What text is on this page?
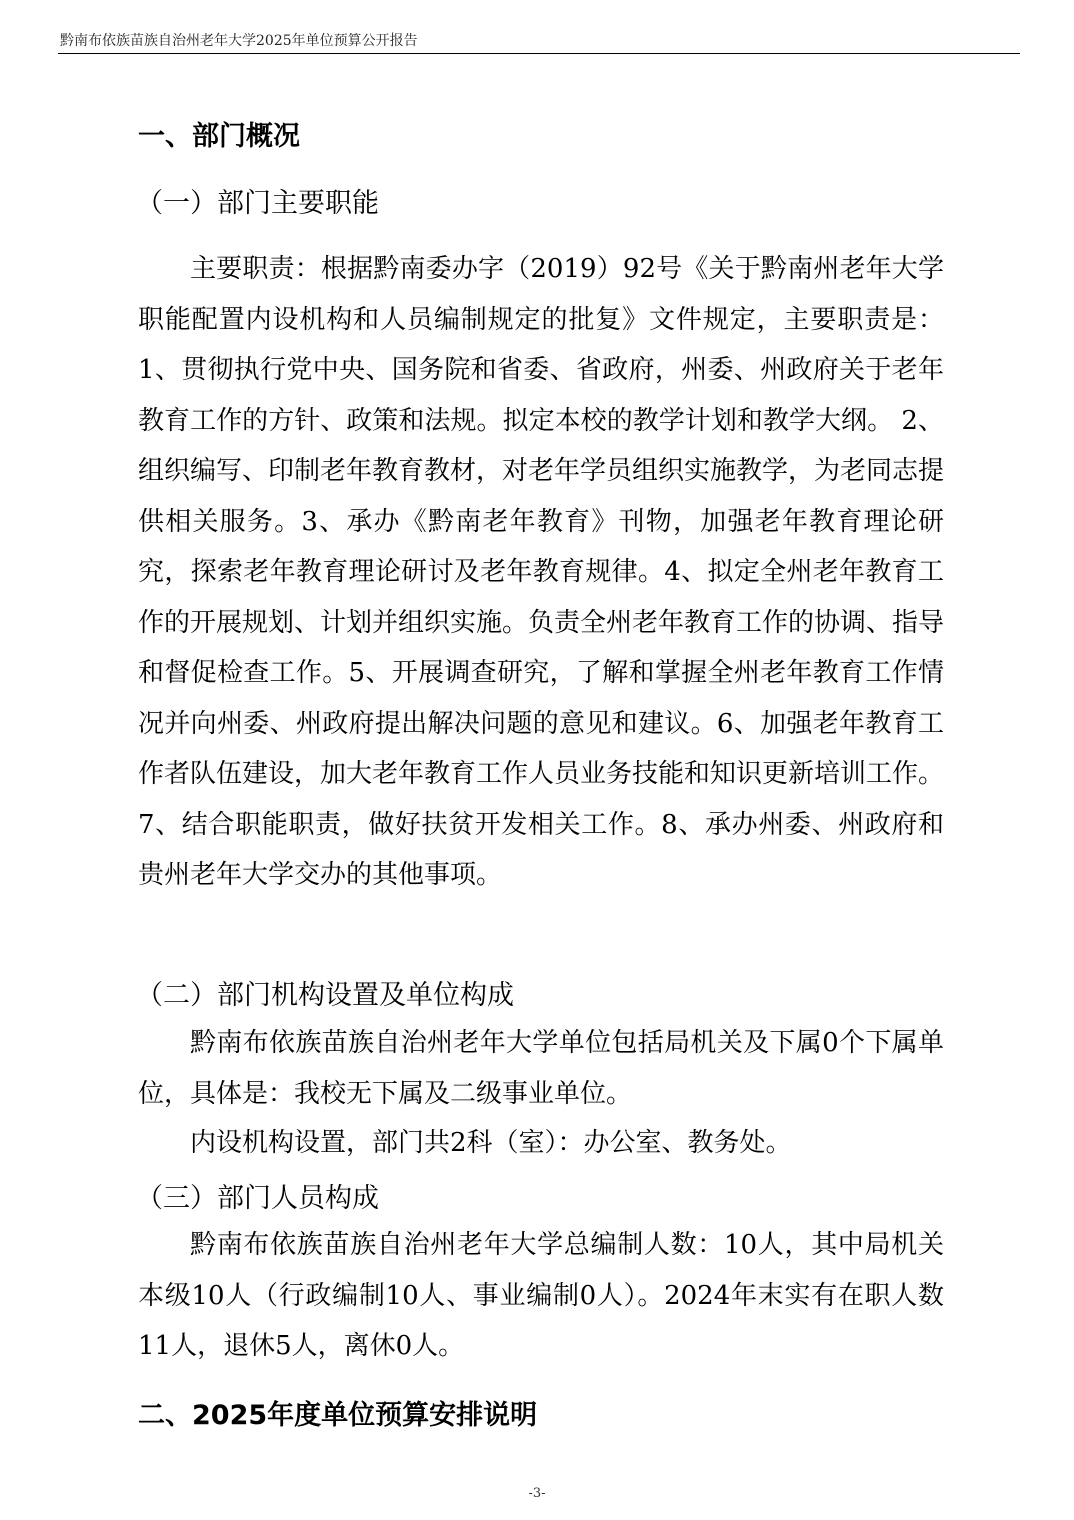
黔南布依族苗族自治州老年大学2025年单位预算公开报告
一、部门概况
（一）部门主要职能

主要职责：根据黔南委办字（2019）92号《关于黔南州老年大学职能配置内设机构和人员编制规定的批复》文件规定，主要职责是：1、贯彻执行党中央、国务院和省委、省政府，州委、州政府关于老年教育工作的方针、政策和法规。拟定本校的教学计划和教学大纲。 2、组织编写、印制老年教育教材，对老年学员组织实施教学，为老同志提供相关服务。3、承办《黔南老年教育》刊物，加强老年教育理论研究，探索老年教育理论研讨及老年教育规律。4、拟定全州老年教育工作的开展规划、计划并组织实施。负责全州老年教育工作的协调、指导和督促检查工作。5、开展调查研究，了解和掌握全州老年教育工作情况并向州委、州政府提出解决问题的意见和建议。6、加强老年教育工作者队伍建设，加大老年教育工作人员业务技能和知识更新培训工作。7、结合职能职责，做好扶贫开发相关工作。8、承办州委、州政府和贵州老年大学交办的其他事项。

（二）部门机构设置及单位构成

黔南布依族苗族自治州老年大学单位包括局机关及下属0个下属单位，具体是：我校无下属及二级事业单位。

内设机构设置，部门共2科（室）：办公室、教务处。

（三）部门人员构成

黔南布依族苗族自治州老年大学总编制人数：10人，其中局机关本级10人（行政编制10人、事业编制0人）。2024年末实有在职人数11人，退休5人，离休0人。

二、2025年度单位预算安排说明
-3-
